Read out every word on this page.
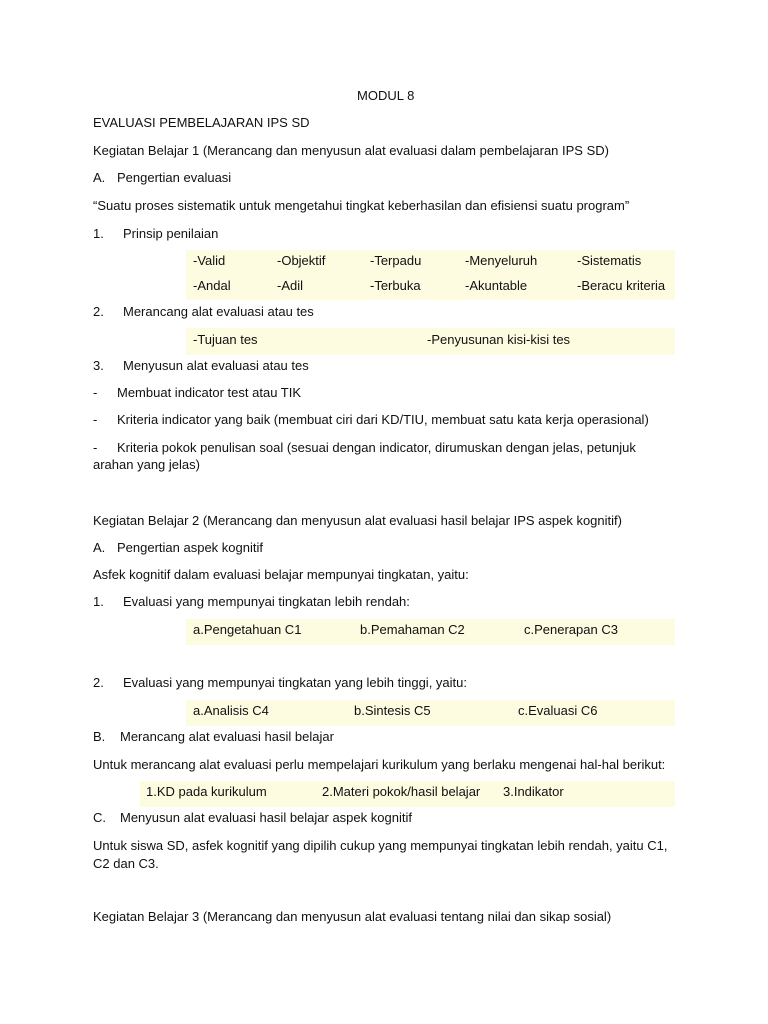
MODUL 8
EVALUASI PEMBELAJARAN IPS SD
Kegiatan Belajar 1 (Merancang dan menyusun alat evaluasi dalam pembelajaran IPS SD)
A. Pengertian evaluasi
“Suatu proses sistematik untuk mengetahui tingkat keberhasilan dan efisiensi suatu program”
1. Prinsip penilaian
-Valid	-Objektif	-Terpadu	-Menyeluruh	-Sistematis
-Andal	-Adil	-Terbuka	-Akuntable	-Beracu kriteria
2. Merancang alat evaluasi atau tes
-Tujuan tes	-Penyusunan kisi-kisi tes
3. Menyusun alat evaluasi atau tes
- Membuat indicator test atau TIK
- Kriteria indicator yang baik (membuat ciri dari KD/TIU, membuat satu kata kerja operasional)
- Kriteria pokok penulisan soal (sesuai dengan indicator, dirumuskan dengan jelas, petunjuk
arahan yang jelas)
Kegiatan Belajar 2 (Merancang dan menyusun alat evaluasi hasil belajar IPS aspek kognitif)
A. Pengertian aspek kognitif
Asfek kognitif dalam evaluasi belajar mempunyai tingkatan, yaitu:
1. Evaluasi yang mempunyai tingkatan lebih rendah:
a.Pengetahuan C1	b.Pemahaman C2	c.Penerapan C3
2. Evaluasi yang mempunyai tingkatan yang lebih tinggi, yaitu:
a.Analisis C4	b.Sintesis C5	c.Evaluasi C6
B. Merancang alat evaluasi hasil belajar
Untuk merancang alat evaluasi perlu mempelajari kurikulum yang berlaku mengenai hal-hal berikut:
1.KD pada kurikulum	2.Materi pokok/hasil belajar 3.Indikator
C. Menyusun alat evaluasi hasil belajar aspek kognitif
Untuk siswa SD, asfek kognitif yang dipilih cukup yang mempunyai tingkatan lebih rendah, yaitu C1,
C2 dan C3.
Kegiatan Belajar 3 (Merancang dan menyusun alat evaluasi tentang nilai dan sikap sosial)
